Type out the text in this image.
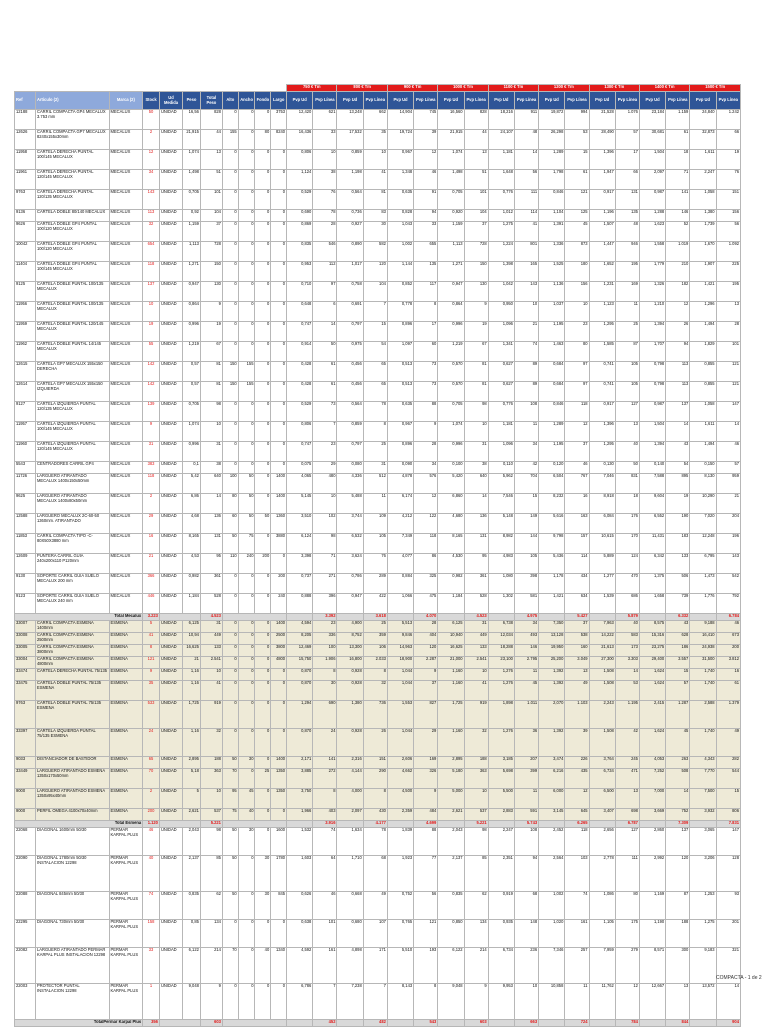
											750 € Tm		800 € Tm		900 € Tm		1000 € Tm		1100 € Tm		1200 € Tm		1300 € Tm		1400 € Tm		1500 € Tm	
Ref	Artículo (2)	Marca (2)	Stock	Ud Medida	Peso	Total Peso	Alto	Ancho	Fondo	Largo	Pvp Ud	Pvp Línea	Pvp Ud	Pvp Línea	Pvp Ud	Pvp Línea	Pvp Ud	Pvp Línea	Pvp Ud	Pvp Línea	Pvp Ud	Pvp Línea	Pvp Ud	Pvp Línea	Pvp Ud	Pvp Línea	Pvp Ud	Pvp Línea
12188	CARRIL COMPACTA GP4 MECALUX 3.753 mm	MECALUX	50	UNIDAD	16,56	828	0	0	0	3753	12,420	621	13,248	662	14,904	745	16,560	828	18,216	911	19,872	994	21,528	1.076	23,184	1.159	24,840	1.242
12626	CARRIL COMPACTA GP7 MECALUX 8240x155x30mm	MECALUX	2	UNIDAD	21,915	44	155	0	80	8240	16,436	33	17,532	35	19,724	39	21,915	44	24,107	48	26,298	53	28,490	57	30,681	61	32,873	66
11958	CARTELA DERECHA PUNTAL 100/145 MECALUX	MECALUX	12	UNIDAD	1,074	13	0	0	0	0	0,806	10	0,859	10	0,967	12	1,074	13	1,181	14	1,289	15	1,396	17	1,504	18	1,611	19
11961	CARTELA DERECHA PUNTAL 120/145 MECALUX	MECALUX	34	UNIDAD	1,498	51	0	0	0	0	1,124	38	1,198	41	1,348	46	1,498	51	1,648	56	1,798	61	1,947	66	2,097	71	2,247	76
9763	CARTELA DERECHA PUNTAL 120/135 MECALUX	MECALUX	143	UNIDAD	0,705	101	0	0	0	0	0,529	76	0,564	81	0,635	91	0,705	101	0,776	111	0,846	121	0,917	131	0,987	141	1,058	151
9136	CARTELA DOBLE 80/140 MECALUX	MECALUX	113	UNIDAD	0,92	104	0	0	0	0	0,690	78	0,736	83	0,828	94	0,920	104	1,012	114	1,104	125	1,196	135	1,288	146	1,380	156
9626	CARTELA DOBLE GP4 PUNTAL 100/120 MECALUX	MECALUX	32	UNIDAD	1,159	37	0	0	0	0	0,869	28	0,927	30	1,043	33	1,159	37	1,275	41	1,391	45	1,507	48	1,623	52	1,739	56
10042	CARTELA DOBLE GP4 PUNTAL 100/120 MECALUX	MECALUX	654	UNIDAD	1,113	728	0	0	0	0	0,835	546	0,890	582	1,002	655	1,113	728	1,224	801	1,336	873	1,447	946	1,558	1.019	1,670	1.092
11404	CARTELA DOBLE GP4 PUNTAL 100/145 MECALUX	MECALUX	118	UNIDAD	1,271	150	0	0	0	0	0,953	112	1,017	120	1,144	135	1,271	150	1,398	165	1,525	180	1,652	195	1,779	210	1,907	225
9125	CARTELA DOBLE PUNTAL 100/135 MECALUX	MECALUX	137	UNIDAD	0,947	130	0	0	0	0	0,710	97	0,758	104	0,852	117	0,947	130	1,042	143	1,136	156	1,231	169	1,326	182	1,421	195
11956	CARTELA DOBLE PUNTAL 100/135 MECALUX	MECALUX	10	UNIDAD	0,864	9	0	0	0	0	0,648	6	0,691	7	0,778	8	0,864	9	0,950	10	1,037	10	1,123	11	1,210	12	1,296	13
11959	CARTELA DOBLE PUNTAL 120/145 MECALUX	MECALUX	19	UNIDAD	0,996	19	0	0	0	0	0,747	14	0,797	15	0,896	17	0,996	19	1,096	21	1,195	23	1,295	25	1,394	26	1,494	28
11962	CARTELA DOBLE PUNTAL 14/145 MECALUX	MECALUX	55	UNIDAD	1,219	67	0	0	0	0	0,914	50	0,975	54	1,097	60	1,219	67	1,341	74	1,463	80	1,585	87	1,707	94	1,829	101
12615	CARTELA GP7 MECALUX 155x150 DERECHA	MECALUX	142	UNIDAD	0,57	81	150	155	0	0	0,428	61	0,456	65	0,513	73	0,570	81	0,627	89	0,684	97	0,741	105	0,798	113	0,855	121
12614	CARTELA GP7 MECALUX 155x150 IZQUIERDA	MECALUX	142	UNIDAD	0,57	81	150	155	0	0	0,428	61	0,456	65	0,513	73	0,570	81	0,627	89	0,684	97	0,741	105	0,798	113	0,855	121
9127	CARTELA IZQUIERDA PUNTAL 120/135 MECALUX	MECALUX	139	UNIDAD	0,705	98	0	0	0	0	0,529	73	0,564	78	0,635	88	0,705	98	0,776	108	0,846	118	0,917	127	0,987	137	1,058	147
11957	CARTELA IZQUIERDA PUNTAL 100/145 MECALUX	MECALUX	9	UNIDAD	1,074	10	0	0	0	0	0,806	7	0,859	8	0,967	9	1,074	10	1,181	11	1,289	12	1,396	13	1,504	14	1,611	14
11960	CARTELA IZQUIERDA PUNTAL 120/145 MECALUX	MECALUX	31	UNIDAD	0,996	31	0	0	0	0	0,747	23	0,797	25	0,896	28	0,996	31	1,096	34	1,195	37	1,295	40	1,394	43	1,494	46
5543	CENTRADORES CARRIL GP4	MECALUX	383	UNIDAD	0,1	38	0	0	0	0	0,075	29	0,080	31	0,090	34	0,100	38	0,110	42	0,120	46	0,130	50	0,140	54	0,150	57
11726	LARGUERO ATIRANTADO MECALUX 1400x150x50mm	MECALUX	118	UNIDAD	5,42	640	100	50	0	1400	4,065	480	4,336	512	4,878	576	5,420	640	5,962	704	6,504	767	7,046	831	7,588	895	8,130	959
9625	LARGUERO ATIRANTADO MECALUX 1400x80x50mm	MECALUX	2	UNIDAD	6,86	14	80	50	0	1400	5,145	10	5,488	11	6,174	12	6,860	14	7,546	15	8,232	16	8,918	18	9,604	19	10,290	21
12588	LARGUERO MECALUX 2C-60-50 1360mm. ATIRANTADO	MECALUX	29	UNIDAD	4,68	136	60	50	50	1360	3,510	102	3,744	109	4,212	122	4,680	136	5,148	149	5,616	163	6,084	176	6,552	190	7,020	204
11853	CARRIL COMPACTA TIPO -C- 80X50X3880 mm	MECALUX	16	UNIDAD	8,165	131	50	75	0	3880	6,124	98	6,532	105	7,349	118	8,165	131	8,982	144	9,798	157	10,615	170	11,431	183	12,248	196
12609	PUNTERA CARRIL GUIA 240x200x110 P120mm	MECALUX	21	UNIDAD	4,53	95	110	240	200	0	3,398	71	3,624	76	4,077	86	4,530	95	4,983	105	5,436	114	5,889	124	6,342	133	6,795	143
9130	SOPORTE CARRIL GUIA SUELO MECALUX 200 mm	MECALUX	366	UNIDAD	0,982	361	0	0	0	200	0,737	271	0,786	289	0,884	325	0,982	361	1,080	398	1,178	434	1,277	470	1,375	506	1,473	542
9123	SOPORTE CARRIL GUIA SUELO MECALUX 240 mm	MECALUX	446	UNIDAD	1,184	528	0	0	0	240	0,888	396	0,947	422	1,066	475	1,184	528	1,302	581	1,421	634	1,539	686	1,658	739	1,776	792
Total Mecalux			3.223			4.523						3.392		3.618		4.070		4.523		4.975		5.427		5.879		6.332		6.784
33007	CARRIL COMPACTA ESMENA 1400mm	ESMENA	5	UNIDAD	6,125	31	0	0	0	1400	4,594	23	4,900	25	5,513	28	6,125	31	6,738	34	7,350	37	7,963	40	8,575	43	9,188	46
33008	CARRIL COMPACTA ESMENA 2500mm	ESMENA	41	UNIDAD	10,94	449	0	0	0	2500	8,205	336	8,752	359	9,846	404	10,940	449	12,034	493	13,128	538	14,222	583	15,316	628	16,410	673
33005	CARRIL COMPACTA ESMENA 3800mm	ESMENA	8	UNIDAD	16,625	133	0	0	0	3800	12,469	100	13,300	106	14,963	120	16,625	133	18,288	146	19,950	160	21,613	173	23,275	186	24,938	200
33004	CARRIL COMPACTA ESMENA 4800mm	ESMENA	121	UNIDAD	21	2.541	0	0	0	4800	15,750	1.906	16,800	2.033	18,900	2.287	21,000	2.541	23,100	2.795	25,200	3.049	27,300	3.303	29,400	3.557	31,500	3.812
33474	CARTELA DERECHA PUNTAL 75/135	ESMENA	9	UNIDAD	1,16	10	0	0	0	0	0,870	8	0,928	8	1,044	9	1,160	10	1,276	11	1,392	13	1,508	14	1,624	15	1,740	16
33475	CARTELA DOBLE PUNTAL 75/135 ESMENA	ESMENA	35	UNIDAD	1,16	41	0	0	0	0	0,870	30	0,928	32	1,044	37	1,160	41	1,276	45	1,392	49	1,508	53	1,624	57	1,740	61
9763	CARTELA DOBLE PUNTAL 75/135 ESMENA	ESMENA	533	UNIDAD	1,725	919	0	0	0	0	1,294	690	1,380	736	1,553	827	1,725	919	1,898	1.011	2,070	1.103	2,243	1.195	2,415	1.287	2,588	1.379
33397	CARTELA IZQUIERDA PUNTAL 75/135 ESMENA	ESMENA	24	UNIDAD	1,16	32	0	0	0	0	0,870	24	0,928	26	1,044	29	1,160	32	1,276	36	1,392	39	1,508	42	1,624	45	1,740	49
9033	DISTANCIADOR DE BASTIDOR	ESMENA	65	UNIDAD	2,895	188	50	30	0	1400	2,171	141	2,316	151	2,606	169	2,895	188	3,185	207	3,474	226	3,764	245	4,053	263	4,343	282
33449	LARGUERO ATIRANTADO ESMENA 1350x170x50mm	ESMENA	70	UNIDAD	5,18	363	70	0	25	1350	3,885	272	4,144	290	4,662	326	5,180	363	5,698	399	6,216	435	6,734	471	7,252	508	7,770	544
9000	LARGUERO ATIRANTADO ESMENA 1350x95x40mm	ESMENA	2	UNIDAD	5	10	95	45	0	1350	3,750	8	4,000	8	4,500	9	5,000	10	5,500	11	6,000	12	6,500	13	7,000	14	7,500	15
9000	PERFIL OMEGA 4100x70x40mm	ESMENA	200	UNIDAD	2,621	537	75	40	0	0	1,966	403	2,097	430	2,359	484	2,621	537	2,883	591	3,145	645	3,407	698	3,669	752	3,932	806
Total Esmena			1.120			5.221						3.916		4.177		4.699		5.221		5.743		6.265		6.787		7.309		7.831
22068	DIAGONAL 1600mm 50/30	PERMAR KARPAL PLUS	46	UNIDAD	2,043	98	50	30	0	1600	1,532	74	1,634	78	1,839	88	2,043	98	2,247	108	2,452	118	2,656	127	2,860	137	3,065	147
22090	DIAGONAL 1780mm 50/30 INSTALACION 12298	PERMAR KARPAL PLUS	40	UNIDAD	2,137	85	50	0	30	1780	1,603	64	1,710	68	1,923	77	2,137	85	2,351	94	2,564	103	2,778	111	2,992	120	3,206	128
22088	DIAGONAL 845mm 50/30	PERMAR KARPAL PLUS	74	UNIDAD	0,835	62	50	0	30	845	0,626	46	0,668	49	0,752	56	0,835	62	0,919	68	1,002	74	1,086	80	1,169	87	1,253	93
22295	DIAGONAL 730mm 50/30	PERMAR KARPAL PLUS	158	UNIDAD	0,85	134	0	0	0	0	0,638	101	0,680	107	0,765	121	0,850	134	0,935	148	1,020	161	1,105	175	1,190	188	1,275	201
22082	LARGUERO ATIRANTADO PERMAR KARPAL PLUS INSTALACION 12298	PERMAR KARPAL PLUS	33	UNIDAD	6,122	214	70	0	40	1340	4,592	161	4,898	171	5,510	193	6,122	214	6,734	236	7,346	257	7,959	279	8,571	300	9,183	321
22003	PROTECTOR PUNTAL INSTALACION 12298	PERMAR KARPAL PLUS	1	UNIDAD	9,048	9	0	0	0	0	6,786	7	7,238	7	8,143	8	9,048	9	9,953	10	10,858	11	11,762	12	12,667	13	13,572	14
TotalPermar Karpal Plus			356			603						452		482		543		603		663		724		784		844		904
COMPACTA - 1 de 2
